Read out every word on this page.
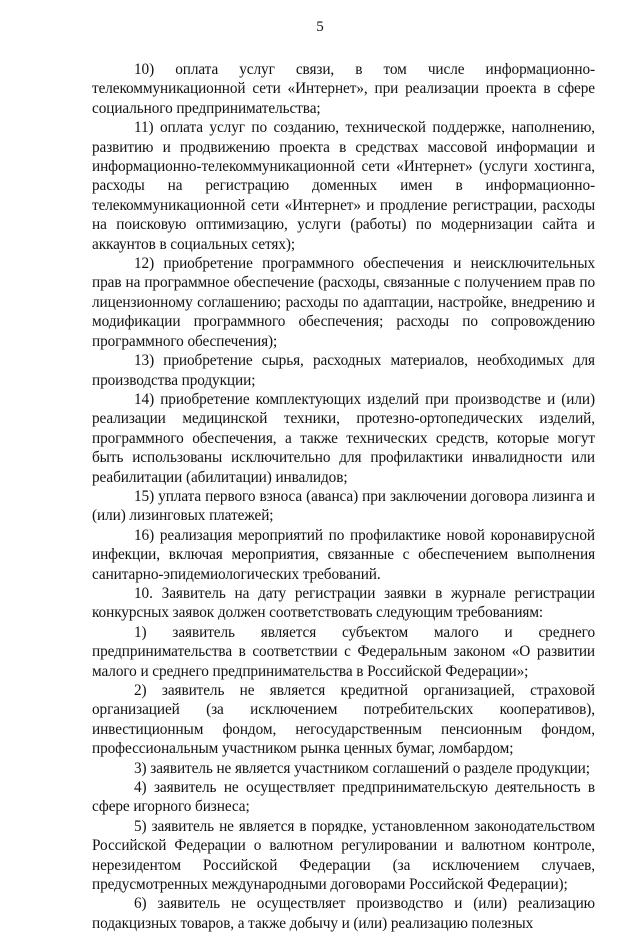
5

10) оплата услуг связи, в том числе информационно-телекоммуникационной сети «Интернет», при реализации проекта в сфере социального предпринимательства;

11) оплата услуг по созданию, технической поддержке, наполнению, развитию и продвижению проекта в средствах массовой информации и информационно-телекоммуникационной сети «Интернет» (услуги хостинга, расходы на регистрацию доменных имен в информационно-телекоммуникационной сети «Интернет» и продление регистрации, расходы на поисковую оптимизацию, услуги (работы) по модернизации сайта и аккаунтов в социальных сетях);

12) приобретение программного обеспечения и неисключительных прав на программное обеспечение (расходы, связанные с получением прав по лицензионному соглашению; расходы по адаптации, настройке, внедрению и модификации программного обеспечения; расходы по сопровождению программного обеспечения);

13) приобретение сырья, расходных материалов, необходимых для производства продукции;

14) приобретение комплектующих изделий при производстве и (или) реализации медицинской техники, протезно-ортопедических изделий, программного обеспечения, а также технических средств, которые могут быть использованы исключительно для профилактики инвалидности или реабилитации (абилитации) инвалидов;

15) уплата первого взноса (аванса) при заключении договора лизинга и (или) лизинговых платежей;

16) реализация мероприятий по профилактике новой коронавирусной инфекции, включая мероприятия, связанные с обеспечением выполнения санитарно-эпидемиологических требований.

10. Заявитель на дату регистрации заявки в журнале регистрации конкурсных заявок должен соответствовать следующим требованиям:

1) заявитель является субъектом малого и среднего предпринимательства в соответствии с Федеральным законом «О развитии малого и среднего предпринимательства в Российской Федерации»;

2) заявитель не является кредитной организацией, страховой организацией (за исключением потребительских кооперативов), инвестиционным фондом, негосударственным пенсионным фондом, профессиональным участником рынка ценных бумаг, ломбардом;

3) заявитель не является участником соглашений о разделе продукции;

4) заявитель не осуществляет предпринимательскую деятельность в сфере игорного бизнеса;

5) заявитель не является в порядке, установленном законодательством Российской Федерации о валютном регулировании и валютном контроле, нерезидентом Российской Федерации (за исключением случаев, предусмотренных международными договорами Российской Федерации);

6) заявитель не осуществляет производство и (или) реализацию подакцизных товаров, а также добычу и (или) реализацию полезных
